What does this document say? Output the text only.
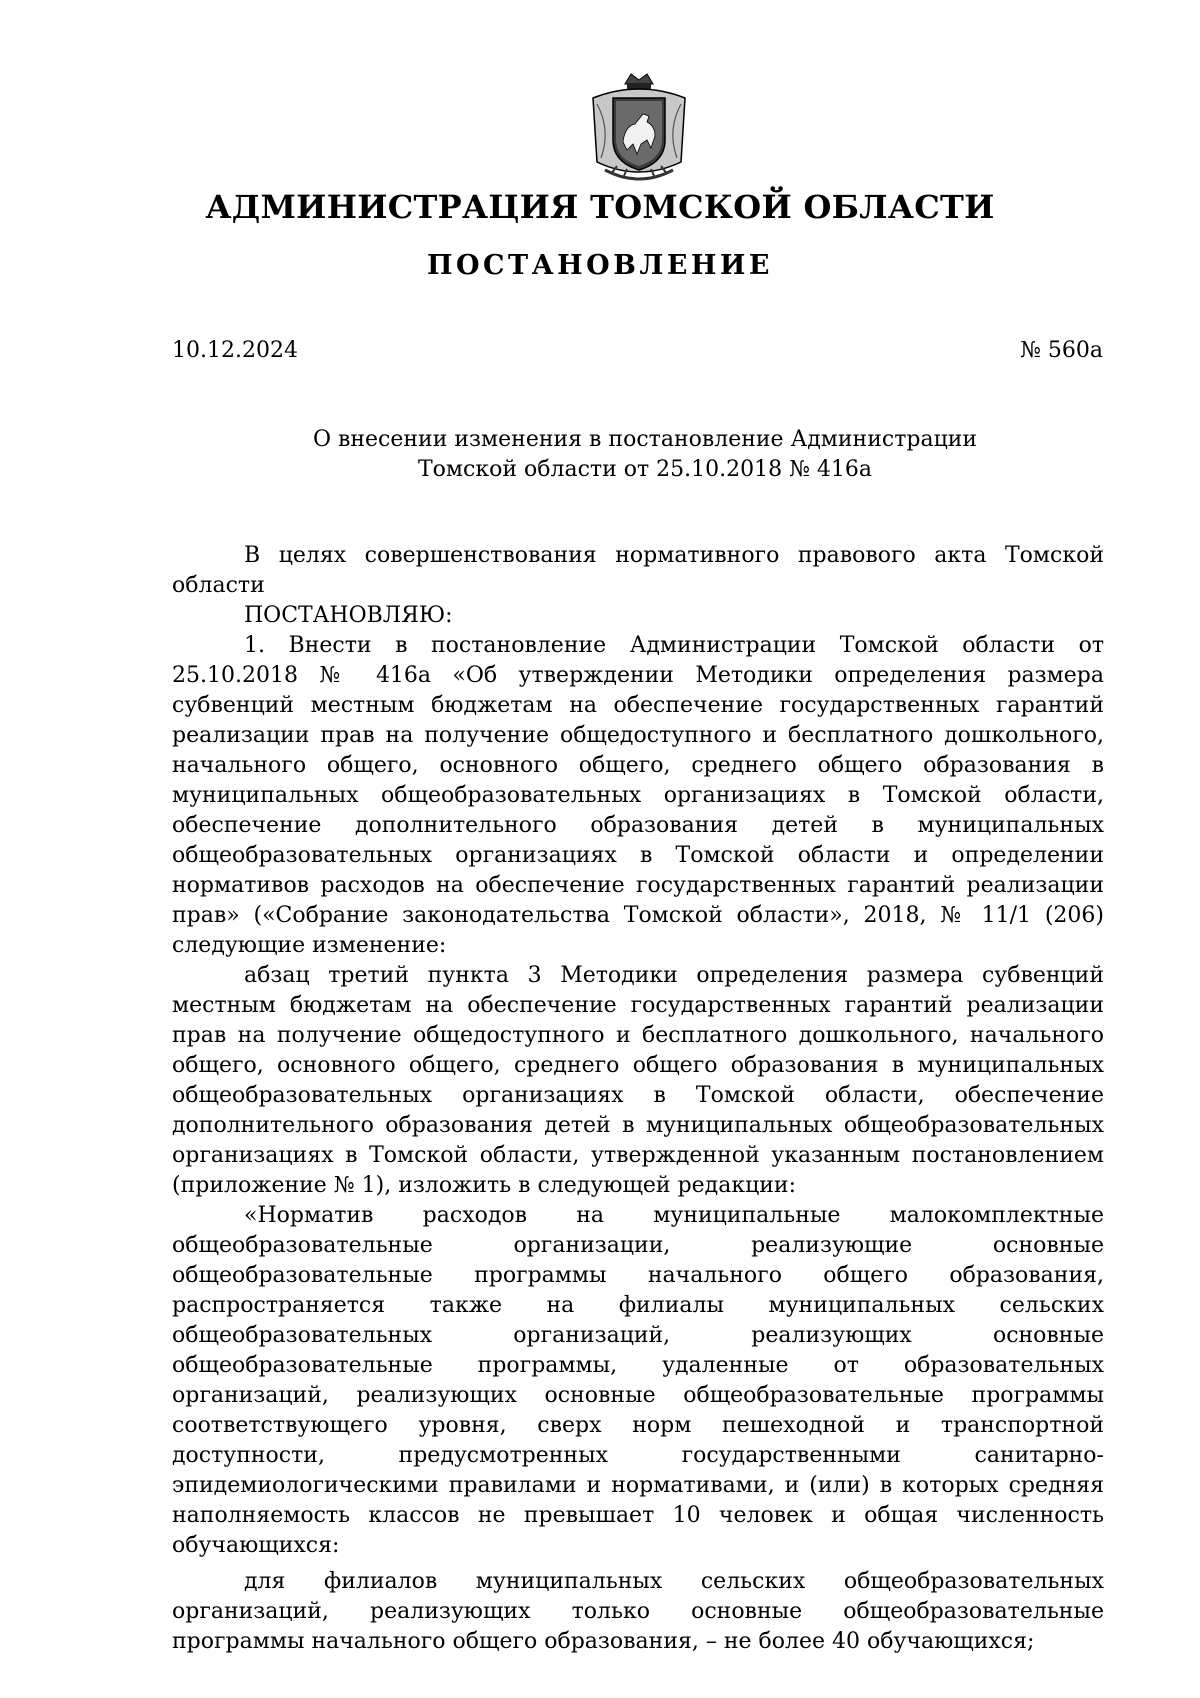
АДМИНИСТРАЦИЯ ТОМСКОЙ ОБЛАСТИ
ПОСТАНОВЛЕНИЕ
10.12.2024	№ 560а
О внесении изменения в постановление Администрации
Томской области от 25.10.2018 № 416а

В целях совершенствования нормативного правового акта Томской области

ПОСТАНОВЛЯЮ:

1. Внести в постановление Администрации Томской области от 25.10.2018 № 416а «Об утверждении Методики определения размера субвенций местным бюджетам на обеспечение государственных гарантий реализации прав на получение общедоступного и бесплатного дошкольного, начального общего, основного общего, среднего общего образования в муниципальных общеобразовательных организациях в Томской области, обеспечение дополнительного образования детей в муниципальных общеобразовательных организациях в Томской области и определении нормативов расходов на обеспечение государственных гарантий реализации прав» («Собрание законодательства Томской области», 2018, № 11/1 (206) следующие изменение:

абзац третий пункта 3 Методики определения размера субвенций местным бюджетам на обеспечение государственных гарантий реализации прав на получение общедоступного и бесплатного дошкольного, начального общего, основного общего, среднего общего образования в муниципальных общеобразовательных организациях в Томской области, обеспечение дополнительного образования детей в муниципальных общеобразовательных организациях в Томской области, утвержденной указанным постановлением (приложение № 1), изложить в следующей редакции:

«Норматив расходов на муниципальные малокомплектные общеобразовательные организации, реализующие основные общеобразовательные программы начального общего образования, распространяется также на филиалы муниципальных сельских общеобразовательных организаций, реализующих основные общеобразовательные программы, удаленные от образовательных организаций, реализующих основные общеобразовательные программы соответствующего уровня, сверх норм пешеходной и транспортной доступности, предусмотренных государственными санитарно-эпидемиологическими правилами и нормативами, и (или) в которых средняя наполняемость классов не превышает 10 человек и общая численность обучающихся:

для филиалов муниципальных сельских общеобразовательных организаций, реализующих только основные общеобразовательные программы начального общего образования, – не более 40 обучающихся;
